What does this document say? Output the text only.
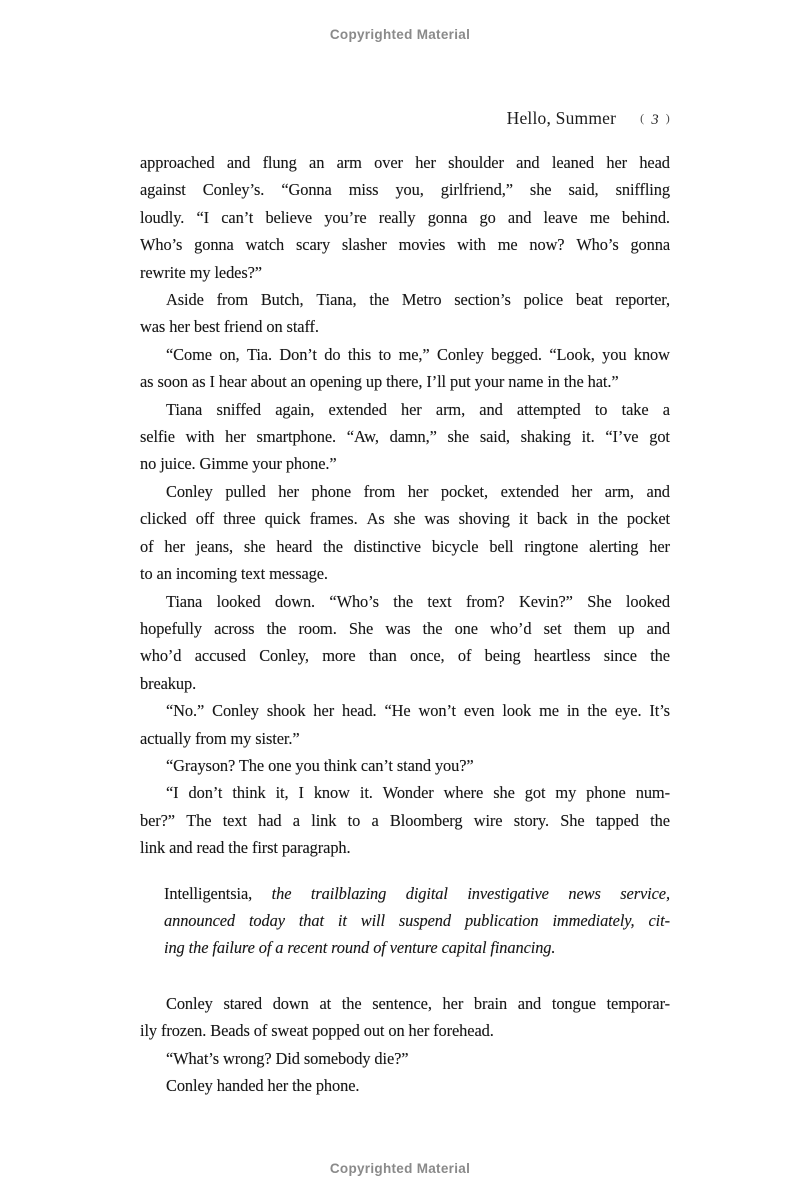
Copyrighted Material
Hello, Summer ( 3 )
approached and flung an arm over her shoulder and leaned her head
against Conley’s. “Gonna miss you, girlfriend,” she said, sniffling
loudly. “I can’t believe you’re really gonna go and leave me behind.
Who’s gonna watch scary slasher movies with me now? Who’s gonna
rewrite my ledes?”
Aside from Butch, Tiana, the Metro section’s police beat reporter,
was her best friend on staff.
“Come on, Tia. Don’t do this to me,” Conley begged. “Look, you know
as soon as I hear about an opening up there, I’ll put your name in the hat.”
Tiana sniffed again, extended her arm, and attempted to take a
selfie with her smartphone. “Aw, damn,” she said, shaking it. “I’ve got
no juice. Gimme your phone.”
Conley pulled her phone from her pocket, extended her arm, and
clicked off three quick frames. As she was shoving it back in the pocket
of her jeans, she heard the distinctive bicycle bell ringtone alerting her
to an incoming text message.
Tiana looked down. “Who’s the text from? Kevin?” She looked
hopefully across the room. She was the one who’d set them up and
who’d accused Conley, more than once, of being heartless since the
breakup.
“No.” Conley shook her head. “He won’t even look me in the eye. It’s
actually from my sister.”
“Grayson? The one you think can’t stand you?”
“I don’t think it, I know it. Wonder where she got my phone num-
ber?” The text had a link to a Bloomberg wire story. She tapped the
link and read the first paragraph.
Intelligentsia, the trailblazing digital investigative news service,
announced today that it will suspend publication immediately, cit-
ing the failure of a recent round of venture capital financing.
Conley stared down at the sentence, her brain and tongue temporar-
ily frozen. Beads of sweat popped out on her forehead.
“What’s wrong? Did somebody die?”
Conley handed her the phone.
Copyrighted Material
